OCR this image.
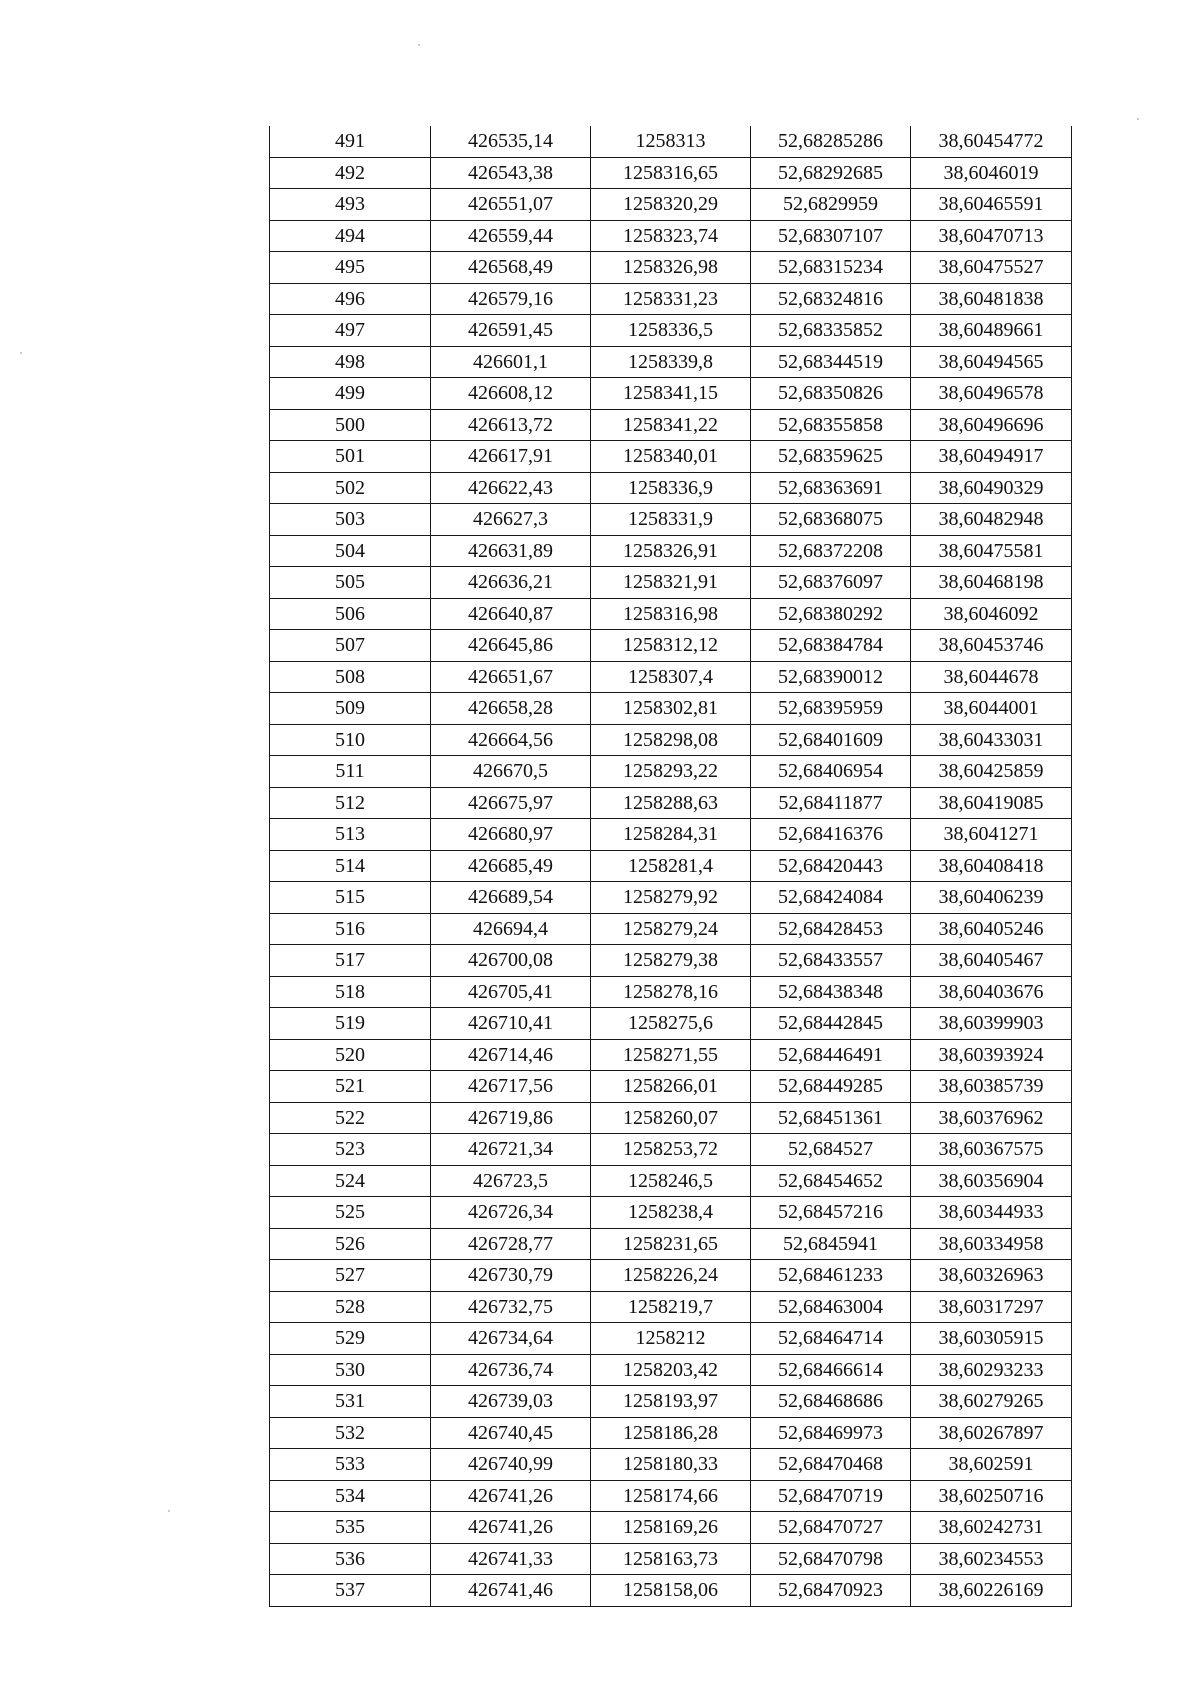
491	426535,14	1258313	52,68285286	38,60454772
492	426543,38	1258316,65	52,68292685	38,6046019
493	426551,07	1258320,29	52,6829959	38,60465591
494	426559,44	1258323,74	52,68307107	38,60470713
495	426568,49	1258326,98	52,68315234	38,60475527
496	426579,16	1258331,23	52,68324816	38,60481838
497	426591,45	1258336,5	52,68335852	38,60489661
498	426601,1	1258339,8	52,68344519	38,60494565
499	426608,12	1258341,15	52,68350826	38,60496578
500	426613,72	1258341,22	52,68355858	38,60496696
501	426617,91	1258340,01	52,68359625	38,60494917
502	426622,43	1258336,9	52,68363691	38,60490329
503	426627,3	1258331,9	52,68368075	38,60482948
504	426631,89	1258326,91	52,68372208	38,60475581
505	426636,21	1258321,91	52,68376097	38,60468198
506	426640,87	1258316,98	52,68380292	38,6046092
507	426645,86	1258312,12	52,68384784	38,60453746
508	426651,67	1258307,4	52,68390012	38,6044678
509	426658,28	1258302,81	52,68395959	38,6044001
510	426664,56	1258298,08	52,68401609	38,60433031
511	426670,5	1258293,22	52,68406954	38,60425859
512	426675,97	1258288,63	52,68411877	38,60419085
513	426680,97	1258284,31	52,68416376	38,6041271
514	426685,49	1258281,4	52,68420443	38,60408418
515	426689,54	1258279,92	52,68424084	38,60406239
516	426694,4	1258279,24	52,68428453	38,60405246
517	426700,08	1258279,38	52,68433557	38,60405467
518	426705,41	1258278,16	52,68438348	38,60403676
519	426710,41	1258275,6	52,68442845	38,60399903
520	426714,46	1258271,55	52,68446491	38,60393924
521	426717,56	1258266,01	52,68449285	38,60385739
522	426719,86	1258260,07	52,68451361	38,60376962
523	426721,34	1258253,72	52,684527	38,60367575
524	426723,5	1258246,5	52,68454652	38,60356904
525	426726,34	1258238,4	52,68457216	38,60344933
526	426728,77	1258231,65	52,6845941	38,60334958
527	426730,79	1258226,24	52,68461233	38,60326963
528	426732,75	1258219,7	52,68463004	38,60317297
529	426734,64	1258212	52,68464714	38,60305915
530	426736,74	1258203,42	52,68466614	38,60293233
531	426739,03	1258193,97	52,68468686	38,60279265
532	426740,45	1258186,28	52,68469973	38,60267897
533	426740,99	1258180,33	52,68470468	38,602591
534	426741,26	1258174,66	52,68470719	38,60250716
535	426741,26	1258169,26	52,68470727	38,60242731
536	426741,33	1258163,73	52,68470798	38,60234553
537	426741,46	1258158,06	52,68470923	38,60226169
